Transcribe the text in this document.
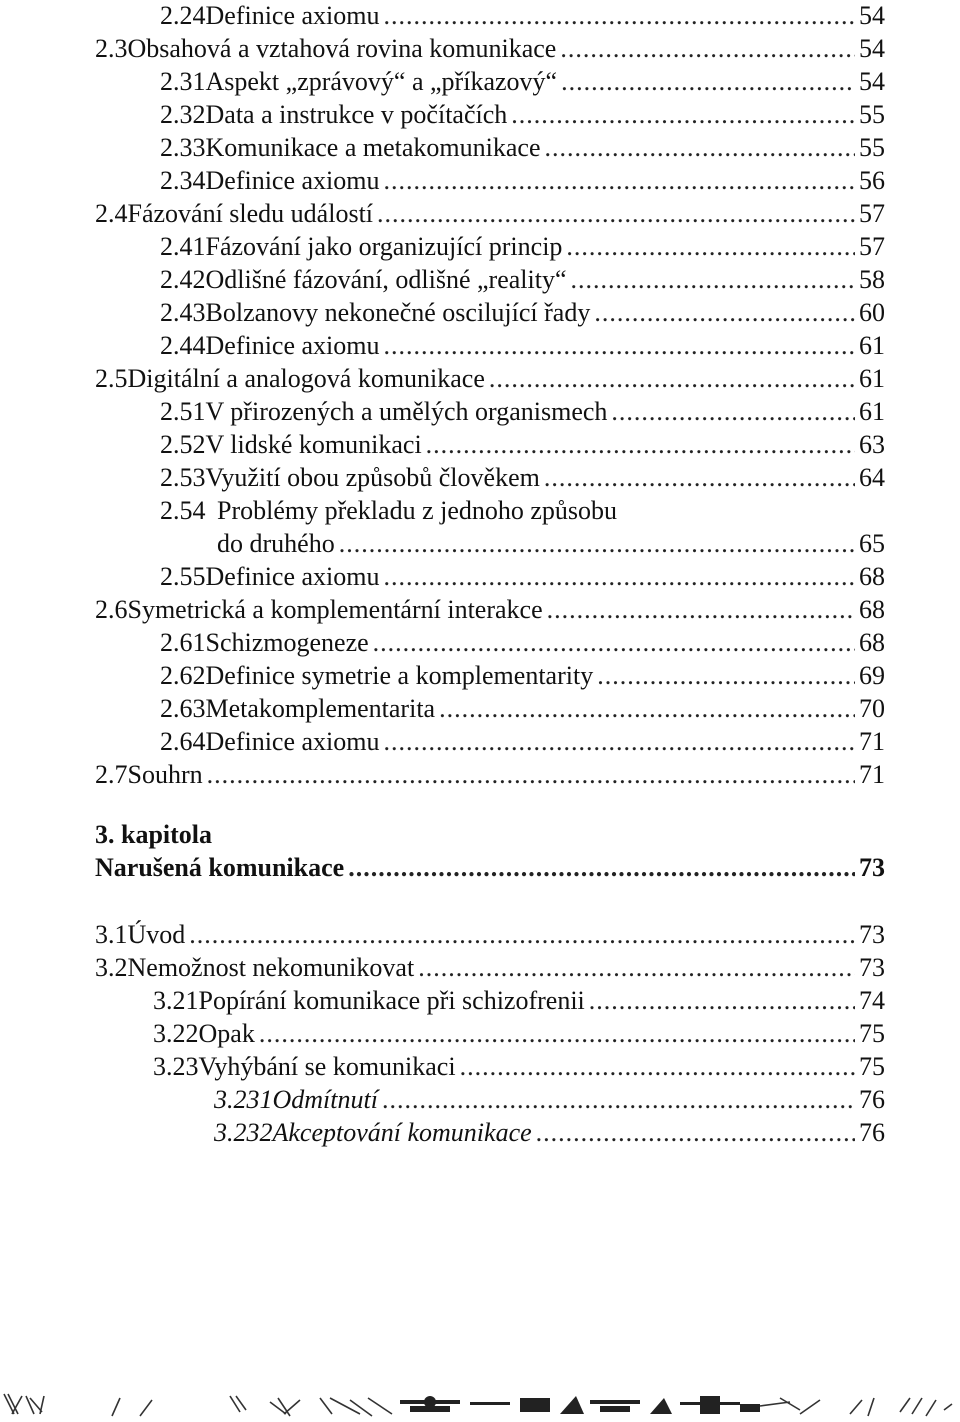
2.24 Definice axiomu .....	54
2.3 Obsahová a vztahová rovina komunikace .....	54
2.31 Aspekt „zprávový“ a „příkazový“ .....	54
2.32 Data a instrukce v počítačích .....	55
2.33 Komunikace a metakomunikace .....	55
2.34 Definice axiomu .....	56
2.4 Fázování sledu událostí .....	57
2.41 Fázování jako organizující princip .....	57
2.42 Odlišné fázování, odlišné „reality“ .....	58
2.43 Bolzanovy nekonečné oscilující řady .....	60
2.44 Definice axiomu .....	61
2.5 Digitální a analogová komunikace .....	61
2.51 V přirozených a umělých organismech .....	61
2.52 V lidské komunikaci .....	63
2.53 Využití obou způsobů člověkem .....	64
2.54 Problémy překladu z jednoho způsobu
do druhého .....	65
2.55 Definice axiomu .....	68
2.6 Symetrická a komplementární interakce .....	68
2.61 Schizmogeneze .....	68
2.62 Definice symetrie a komplementarity .....	69
2.63 Metakomplementarita .....	70
2.64 Definice axiomu .....	71
2.7 Souhrn .....	71
3. kapitola
Narušená komunikace .....	73
3.1 Úvod .....	73
3.2 Nemožnost nekomunikovat .....	73
3.21 Popírání komunikace při schizofrenii .....	74
3.22 Opak .....	75
3.23 Vyhýbání se komunikaci .....	75
3.231 Odmítnutí .....	76
3.232 Akceptování komunikace .....	76
